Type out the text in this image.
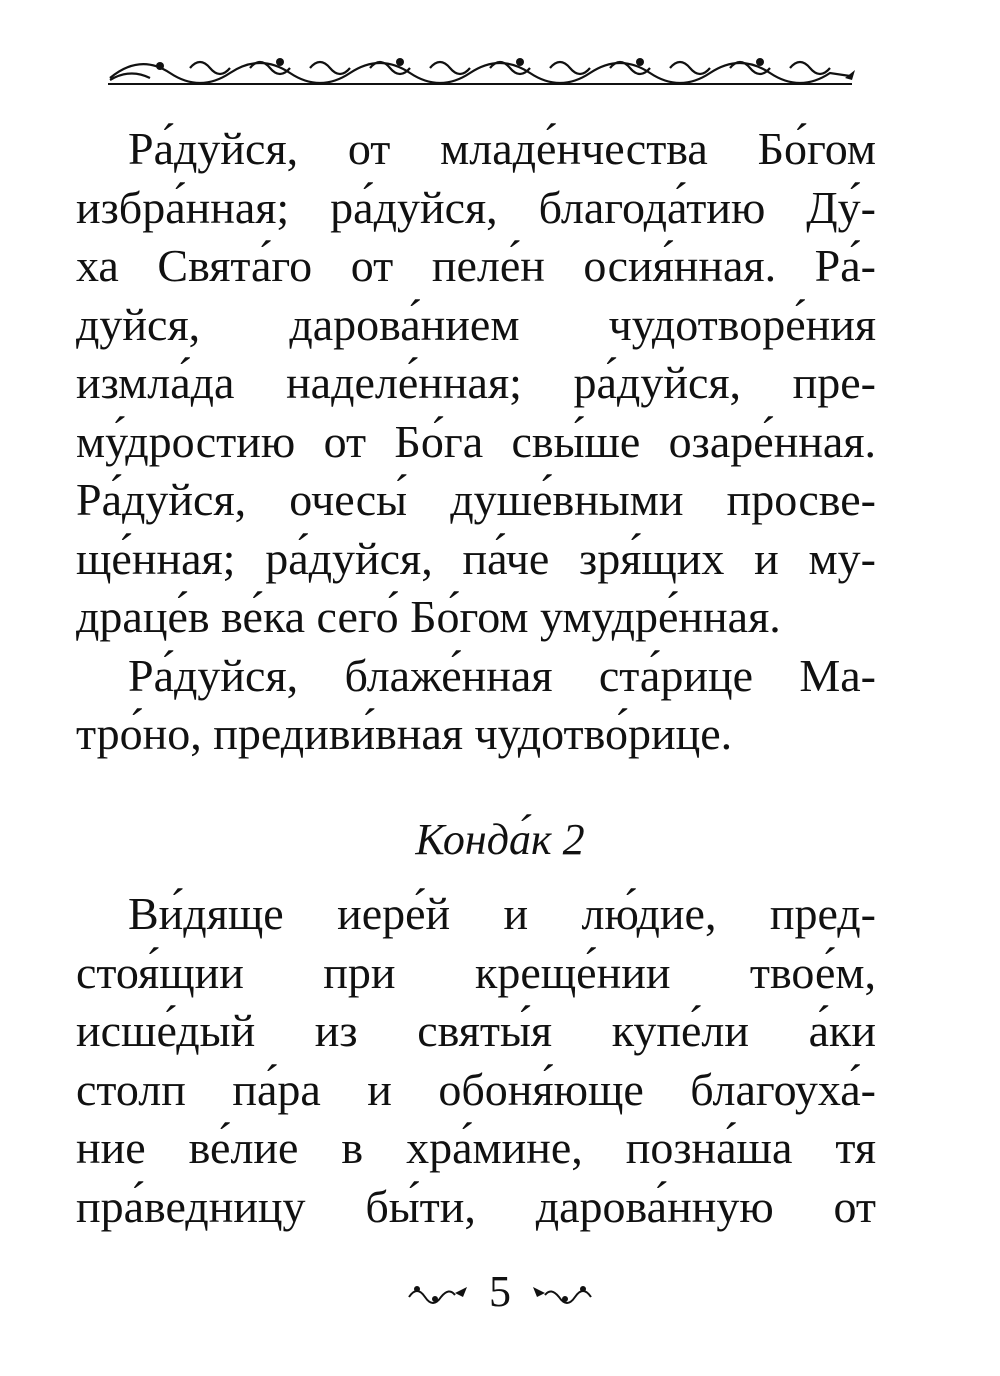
Ра́дуйся, от младе́нчества Бо́гом
избра́нная; ра́дуйся, благода́тию Ду́-
ха Свята́го от пеле́н осия́нная. Ра́-
дуйся, дарова́нием чудотворе́ния
измла́да наделе́нная; ра́дуйся, пре-
му́дростию от Бо́га свы́ше озаре́нная.
Ра́дуйся, очесы́ душе́вными просве-
ще́нная; ра́дуйся, па́че зря́щих и му-
драце́в ве́ка сего́ Бо́гом умудре́нная.
Ра́дуйся, блаже́нная ста́рице Ма-
тро́но, предиви́вная чудотво́рице.
Конда́к 2
Ви́дяще иере́й и лю́дие, пред-
стоя́щии при креще́нии твое́м,
исше́дый из святы́я купе́ли а́ки
столп па́ра и обоня́юще благоуха́-
ние ве́лие в хра́мине, позна́ша тя
пра́ведницу бы́ти, дарова́нную от
5
